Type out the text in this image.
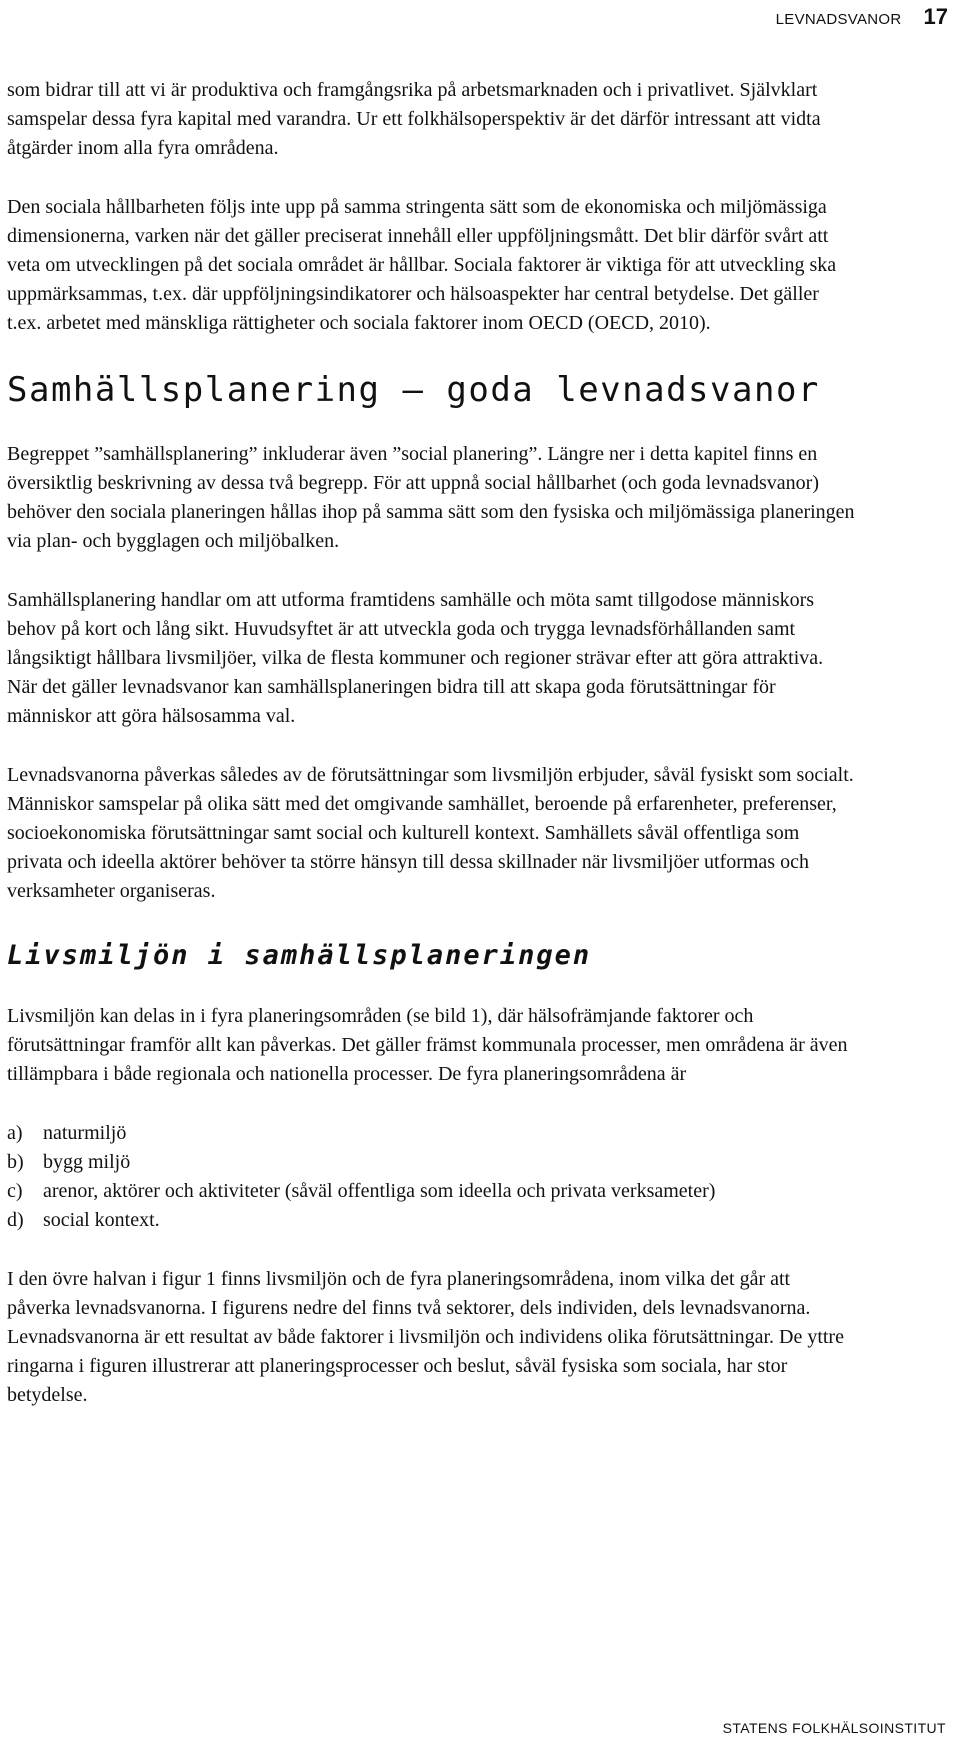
LEVNADSVANOR 17

som bidrar till att vi är produktiva och framgångsrika på arbetsmarknaden och i privatlivet. Självklart samspelar dessa fyra kapital med varandra. Ur ett folkhälsoperspektiv är det därför intressant att vidta åtgärder inom alla fyra områdena.

Den sociala hållbarheten följs inte upp på samma stringenta sätt som de ekonomiska och miljömässiga dimensionerna, varken när det gäller preciserat innehåll eller uppföljningsmått. Det blir därför svårt att veta om utvecklingen på det sociala området är hållbar. Sociala faktorer är viktiga för att utveckling ska uppmärksammas, t.ex. där uppföljningsindikatorer och hälsoaspekter har central betydelse. Det gäller t.ex. arbetet med mänskliga rättigheter och sociala faktorer inom OECD (OECD, 2010).

Samhällsplanering – goda levnadsvanor

Begreppet ”samhällsplanering” inkluderar även ”social planering”. Längre ner i detta kapitel finns en översiktlig beskrivning av dessa två begrepp. För att uppnå social hållbarhet (och goda levnadsvanor) behöver den sociala planeringen hållas ihop på samma sätt som den fysiska och miljömässiga planeringen via plan- och bygglagen och miljöbalken.

Samhällsplanering handlar om att utforma framtidens samhälle och möta samt tillgodose människors behov på kort och lång sikt. Huvudsyftet är att utveckla goda och trygga levnadsförhållanden samt långsiktigt hållbara livsmiljöer, vilka de flesta kommuner och regioner strävar efter att göra attraktiva. När det gäller levnadsvanor kan samhällsplaneringen bidra till att skapa goda förutsättningar för människor att göra hälsosamma val.

Levnadsvanorna påverkas således av de förutsättningar som livsmiljön erbjuder, såväl fysiskt som socialt. Människor samspelar på olika sätt med det omgivande samhället, beroende på erfarenheter, preferenser, socioekonomiska förutsättningar samt social och kulturell kontext. Samhällets såväl offentliga som privata och ideella aktörer behöver ta större hänsyn till dessa skillnader när livsmiljöer utformas och verksamheter organiseras.

Livsmiljön i samhällsplaneringen

Livsmiljön kan delas in i fyra planeringsområden (se bild 1), där hälsofrämjande faktorer och förutsättningar framför allt kan påverkas. Det gäller främst kommunala processer, men områdena är även tillämpbara i både regionala och nationella processer. De fyra planeringsområdena är

a)	naturmiljö
b) bygg miljö
c)	arenor, aktörer och aktiviteter (såväl offentliga som ideella och privata verksameter)
d) social kontext.

I den övre halvan i figur 1 finns livsmiljön och de fyra planeringsområdena, inom vilka det går att påverka levnadsvanorna. I figurens nedre del finns två sektorer, dels individen, dels levnadsvanorna. Levnadsvanorna är ett resultat av både faktorer i livsmiljön och individens olika förutsättningar. De yttre ringarna i figuren illustrerar att planeringsprocesser och beslut, såväl fysiska som sociala, har stor betydelse.

STATENS FOLKHÄLSOINSTITUT
